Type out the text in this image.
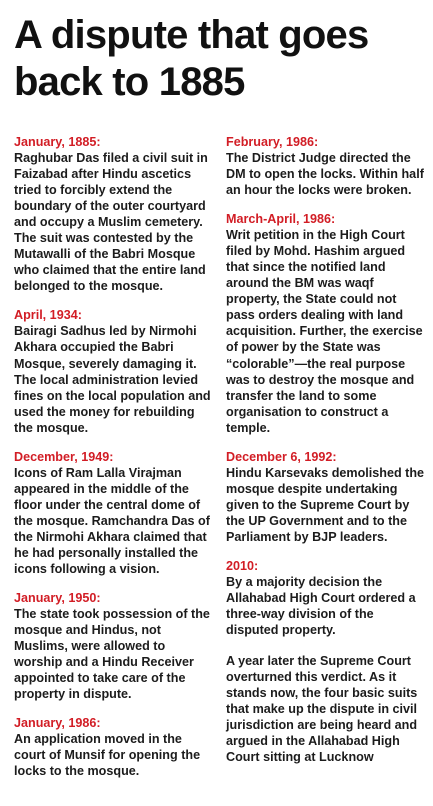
A dispute that goes back to 1885

January, 1885:

Raghubar Das filed a civil suit in Faizabad after Hindu ascetics tried to forcibly extend the boundary of the outer courtyard and occupy a Muslim cemetery. The suit was contested by the Mutawalli of the Babri Mosque who claimed that the entire land belonged to the mosque.

April, 1934:

Bairagi Sadhus led by Nirmohi Akhara occupied the Babri Mosque, severely damaging it. The local administration levied fines on the local population and used the money for rebuilding the mosque.

December, 1949:

Icons of Ram Lalla Virajman appeared in the middle of the floor under the central dome of the mosque. Ramchandra Das of the Nirmohi Akhara claimed that he had personally installed the icons following a vision.

January, 1950:

The state took possession of the mosque and Hindus, not Muslims, were allowed to worship and a Hindu Receiver appointed to take care of the property in dispute.

January, 1986:

An application moved in the court of Munsif for opening the locks to the mosque.

February, 1986:

The District Judge directed the DM to open the locks. Within half an hour the locks were broken.

March-April, 1986:

Writ petition in the High Court filed by Mohd. Hashim argued that since the notified land around the BM was waqf property, the State could not pass orders dealing with land acquisition. Further, the exercise of power by the State was “colorable”—the real purpose was to destroy the mosque and transfer the land to some organisation to construct a temple.

December 6, 1992:

Hindu Karsevaks demolished the mosque despite undertaking given to the Supreme Court by the UP Government and to the Parliament by BJP leaders.

2010:

By a majority decision the Allahabad High Court ordered a three-way division of the disputed property.

A year later the Supreme Court overturned this verdict. As it stands now, the four basic suits that make up the dispute in civil jurisdiction are being heard and argued in the Allahabad High Court sitting at Lucknow
